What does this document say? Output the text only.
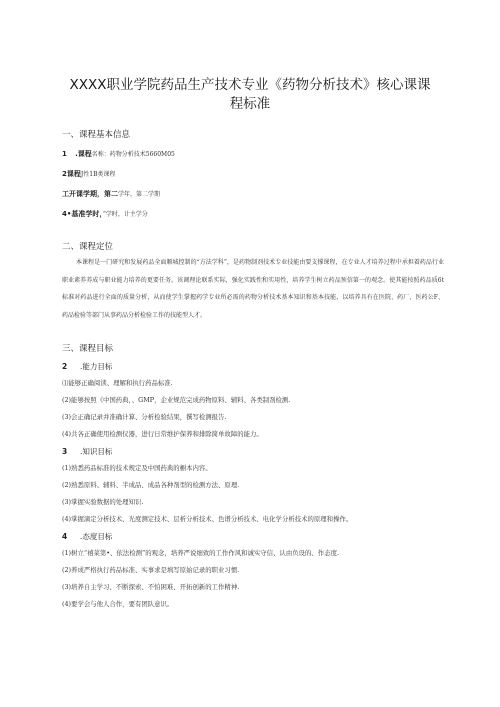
XXXX职业学院药品生产技术专业《药物分析技术》核心课课
程标准
一、课程基本信息
1 .课程名称：药物分析技术5660M05
2课程J性1B类课程
工开课学期，第二学年，第二学期
4•基准学时，”学时，计主学分
二、课程定位
本课程是一门研究和发展药品全面顺城控制的“方法学科”，是药物制剂技术专业技能由要支撑课程，在专业人才培养过程中承担着药品行业职业素养养成与职业能力培养的更要任务。该调理论联系实际，强化实践性和实用性，培养学生树立药品预信第一的观念。使其能按照药品质6t标准对药品进行全面的质量分析，从而使学生掌握药学专业所必需的药物分析技术基本知识和基本技能，以培养具有在医院、药厂、医药公F、药品检验等部门从事药品分析检验工作的技能型人才。
三、课程目标
2 .能力目标
⑴能够正确阅读、理解和执行药品标准.
(2)能够按照《中国药典，、GMP，企业规范完成药物原料、辅料、各类制剂检测.
(3)会正确记录并准确计算、分析检验结果，撰写检测报告.
(4)共各正确使用检测仪器，进行日常维护保养和排除简单故障的能力。
3 .知识目标
(1)熟悉药品标准的技术规定及中国药典的橱本内容。
(2)熟悉原料、辅料、半成品、成品各种剂型的检测方法、原理.
(3)掌握实验数据的处理知识.
(4)掌握滴定分析技术、光度测定技术、层析分析技术、色谱分析技术、电化学分析技术的原理和操作。
4 .态度目标
(1)树立“禧菜第•、依法检测”的观念，培养严说细致的工作作风和诚实守信、认由负设的、作态度.
(2)养成严格执行药品标准、实事求是填写原始记录的职业习惯.
(3)培养自主学习、不断探索、不怕困难、开拓创新的工作精神.
(4)要学会与他人合作，要有团队意识。
